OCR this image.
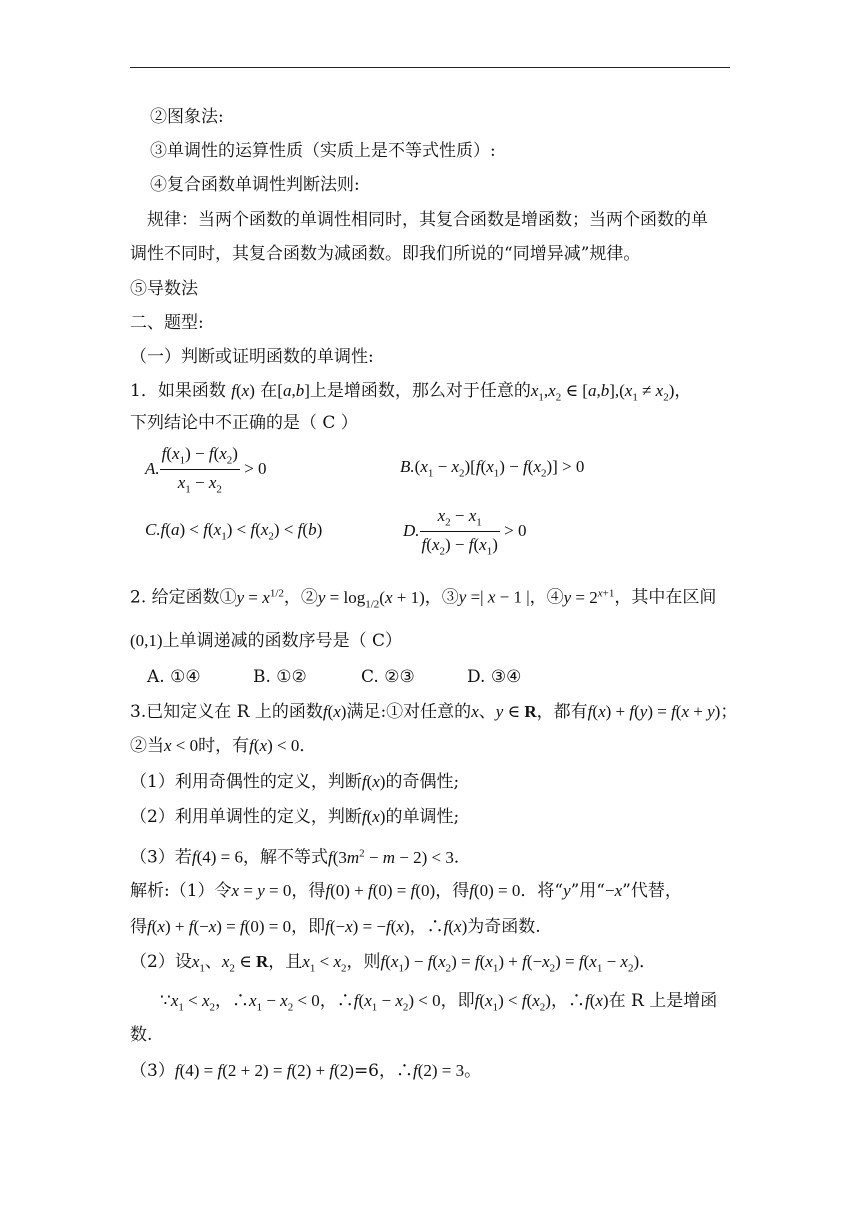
②图象法:
③单调性的运算性质（实质上是不等式性质）:
④复合函数单调性判断法则:
规律：当两个函数的单调性相同时，其复合函数是增函数；当两个函数的单
调性不同时，其复合函数为减函数。即我们所说的“同增异减”规律。
⑤导数法
二、题型:
（一）判断或证明函数的单调性:
1．如果函数 f(x) 在[a,b]上是增函数，那么对于任意的$x_1,x_2$ ∈ $[a,b],(x_1 \ne x_2)$，
下列结论中不正确的是（ C ）
A. $\frac{f(x_1) - f(x_2)}{x_1 - x_2} > 0$	$B.(x_1 - x_2)[f(x_1) - f(x_2)] > 0$
$C.f(a) < f(x_1) < f(x_2) < f(b)$	D. $\frac{x_2 - x_1}{f(x_2) - f(x_1)} > 0$
2. 给定函数①y = $x^{1/2}$，②y = $\log_{1/2}(x + 1)$，③y =| x − 1 |，④y = $2^{x+1}$，其中在区间
(0,1)上单调递减的函数序号是（ C）
A. ①④	B. ①②	C. ②③	D. ③④
3.已知定义在 R 上的函数f(x)满足:①对任意的x、y ∈ R，都有f(x) + f(y) = f(x + y)；
②当x < 0时，有f(x) < 0．
（1）利用奇偶性的定义，判断f(x)的奇偶性;
（2）利用单调性的定义，判断f(x)的单调性;
（3）若f(4) = 6，解不等式$f(3m^2 - m - 2) < 3$．
解析:（1）令x = y = 0，得f(0) + f(0) = f(0)，得f(0) = 0．将“y”用“−x”代替，
得f(x) + f(−x) = f(0) = 0，即f(−x) = −f(x)，∴f(x)为奇函数.
（2）设$x_1$、$x_2$ ∈ R，且$x_1 < x_2$，则$f(x_1) - f(x_2) = f(x_1) + f(-x_2) = f(x_1 - x_2)$．
$\because x_1 < x_2$，$\therefore x_1 - x_2 < 0$，$\therefore f(x_1 - x_2) < 0$，即$f(x_1) < f(x_2)$，∴f(x)在 R 上是增函
数.
（3）f(4) = f(2 + 2) = f(2) + f(2)=6，∴f(2) = 3。
